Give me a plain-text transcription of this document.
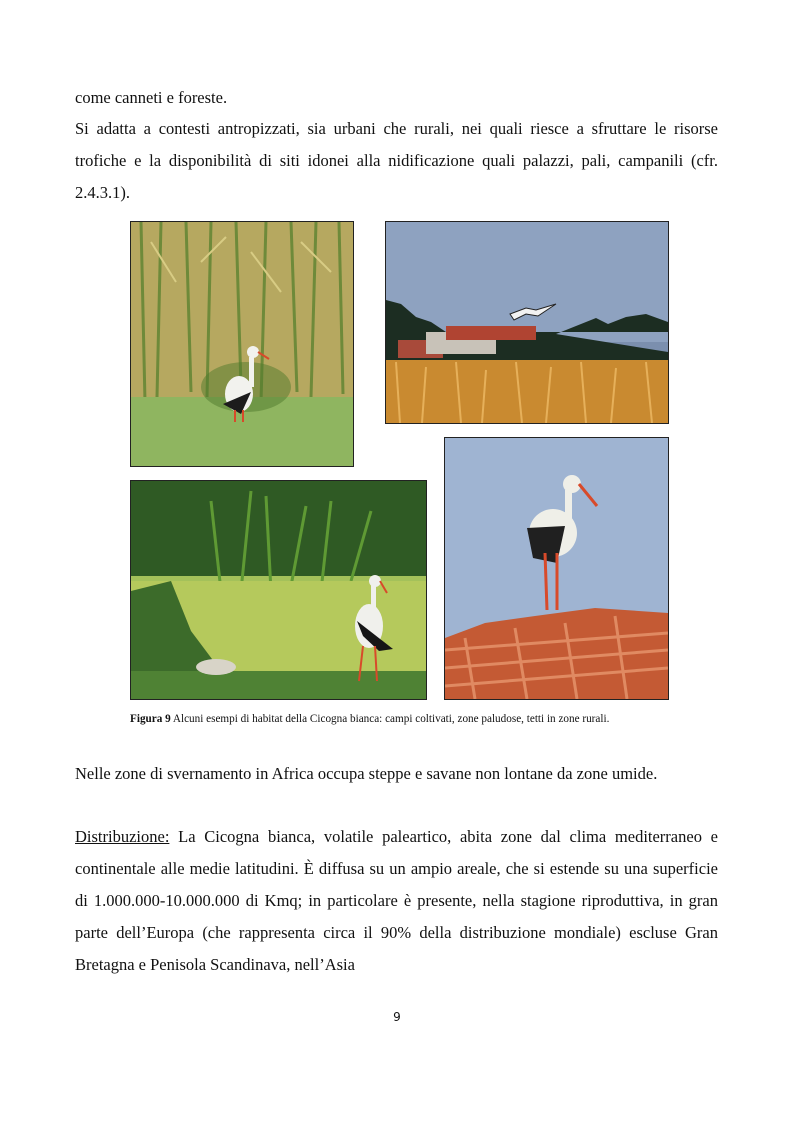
come canneti e foreste.

Si adatta a contesti antropizzati, sia urbani che rurali, nei quali riesce a sfruttare le risorse trofiche e la disponibilità di siti idonei alla nidificazione quali palazzi, pali, campanili (cfr. 2.4.3.1).

Figura 9 Alcuni esempi di habitat della Cicogna bianca: campi coltivati, zone paludose, tetti in zone rurali.

Nelle zone di svernamento in Africa occupa steppe e savane non lontane da zone umide.

Distribuzione: La Cicogna bianca, volatile paleartico, abita zone dal clima mediterraneo e continentale alle medie latitudini. È diffusa su un ampio areale, che si estende su una superficie di 1.000.000-10.000.000 di Kmq; in particolare è presente, nella stagione riproduttiva, in gran parte dell’Europa (che rappresenta circa il 90% della distribuzione mondiale) escluse Gran Bretagna e Penisola Scandinava, nell’Asia

9
